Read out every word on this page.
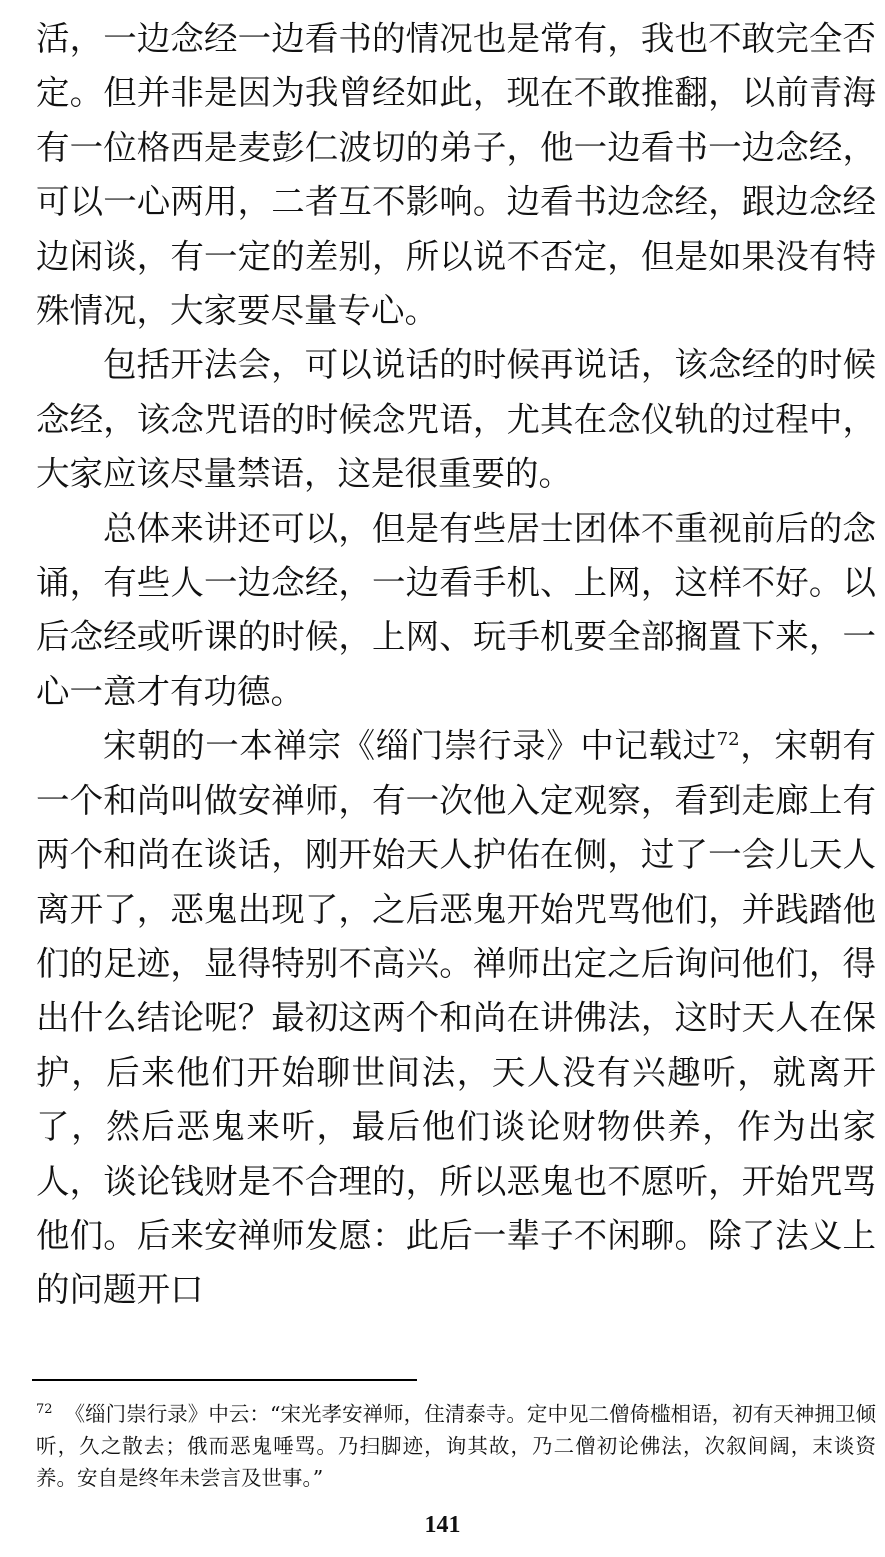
活，一边念经一边看书的情况也是常有，我也不敢完全否定。但并非是因为我曾经如此，现在不敢推翻，以前青海有一位格西是麦彭仁波切的弟子，他一边看书一边念经，可以一心两用，二者互不影响。边看书边念经，跟边念经边闲谈，有一定的差别，所以说不否定，但是如果没有特殊情况，大家要尽量专心。

包括开法会，可以说话的时候再说话，该念经的时候念经，该念咒语的时候念咒语，尤其在念仪轨的过程中，大家应该尽量禁语，这是很重要的。

总体来讲还可以，但是有些居士团体不重视前后的念诵，有些人一边念经，一边看手机、上网，这样不好。以后念经或听课的时候，上网、玩手机要全部搁置下来，一心一意才有功德。

宋朝的一本禅宗《缁门崇行录》中记载过$^{72}$，宋朝有一个和尚叫做安禅师，有一次他入定观察，看到走廊上有两个和尚在谈话，刚开始天人护佑在侧，过了一会儿天人离开了，恶鬼出现了，之后恶鬼开始咒骂他们，并践踏他们的足迹，显得特别不高兴。禅师出定之后询问他们，得出什么结论呢？最初这两个和尚在讲佛法，这时天人在保护，后来他们开始聊世间法，天人没有兴趣听，就离开了，然后恶鬼来听，最后他们谈论财物供养，作为出家人，谈论钱财是不合理的，所以恶鬼也不愿听，开始咒骂他们。后来安禅师发愿：此后一辈子不闲聊。除了法义上的问题开口

$^{72}$ 《缁门崇行录》中云：“宋光孝安禅师，住清泰寺。定中见二僧倚槛相语，初有天神拥卫倾听，久之散去；俄而恶鬼唾骂。乃扫脚迹，询其故，乃二僧初论佛法，次叙间阔，末谈资养。安自是终年未尝言及世事。”
141
